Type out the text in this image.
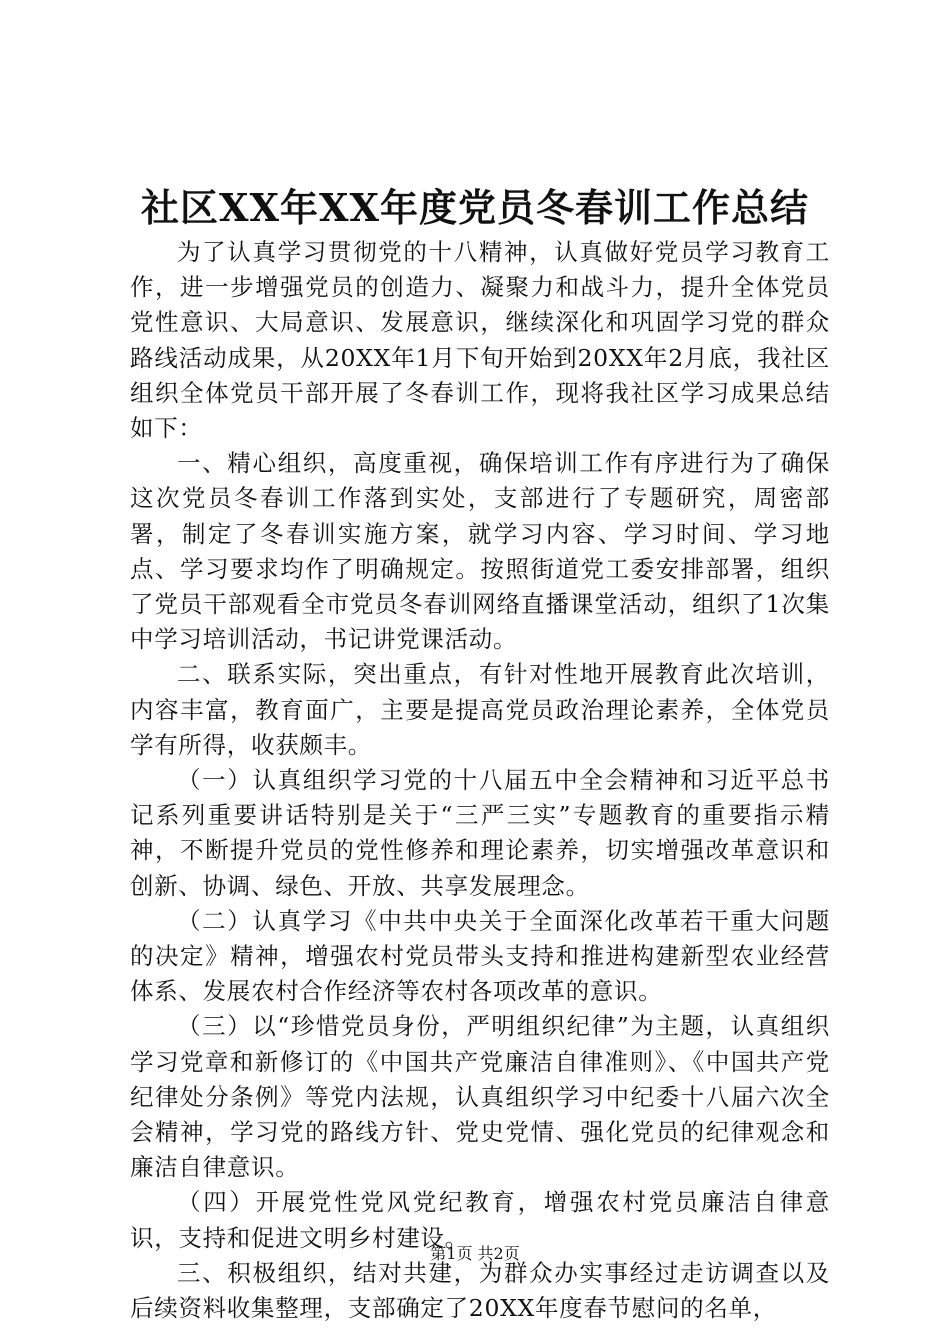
社区XX年XX年度党员冬春训工作总结

为了认真学习贯彻党的十八精神，认真做好党员学习教育工作，进一步增强党员的创造力、凝聚力和战斗力，提升全体党员党性意识、大局意识、发展意识，继续深化和巩固学习党的群众路线活动成果，从20XX年1月下旬开始到20XX年2月底，我社区组织全体党员干部开展了冬春训工作，现将我社区学习成果总结如下：

一、精心组织，高度重视，确保培训工作有序进行为了确保这次党员冬春训工作落到实处，支部进行了专题研究，周密部署，制定了冬春训实施方案，就学习内容、学习时间、学习地点、学习要求均作了明确规定。按照街道党工委安排部署，组织了党员干部观看全市党员冬春训网络直播课堂活动，组织了1次集中学习培训活动，书记讲党课活动。

二、联系实际，突出重点，有针对性地开展教育此次培训，内容丰富，教育面广，主要是提高党员政治理论素养，全体党员学有所得，收获颇丰。

（一）认真组织学习党的十八届五中全会精神和习近平总书记系列重要讲话特别是关于“三严三实”专题教育的重要指示精神，不断提升党员的党性修养和理论素养，切实增强改革意识和创新、协调、绿色、开放、共享发展理念。

（二）认真学习《中共中央关于全面深化改革若干重大问题的决定》精神，增强农村党员带头支持和推进构建新型农业经营体系、发展农村合作经济等农村各项改革的意识。

（三）以“珍惜党员身份，严明组织纪律”为主题，认真组织学习党章和新修订的《中国共产党廉洁自律准则》、《中国共产党纪律处分条例》等党内法规，认真组织学习中纪委十八届六次全会精神，学习党的路线方针、党史党情、强化党员的纪律观念和廉洁自律意识。

（四）开展党性党风党纪教育，增强农村党员廉洁自律意识，支持和促进文明乡村建设。

三、积极组织，结对共建，为群众办实事经过走访调查以及后续资料收集整理，支部确定了20XX年度春节慰问的名单，

第1页 共2页
